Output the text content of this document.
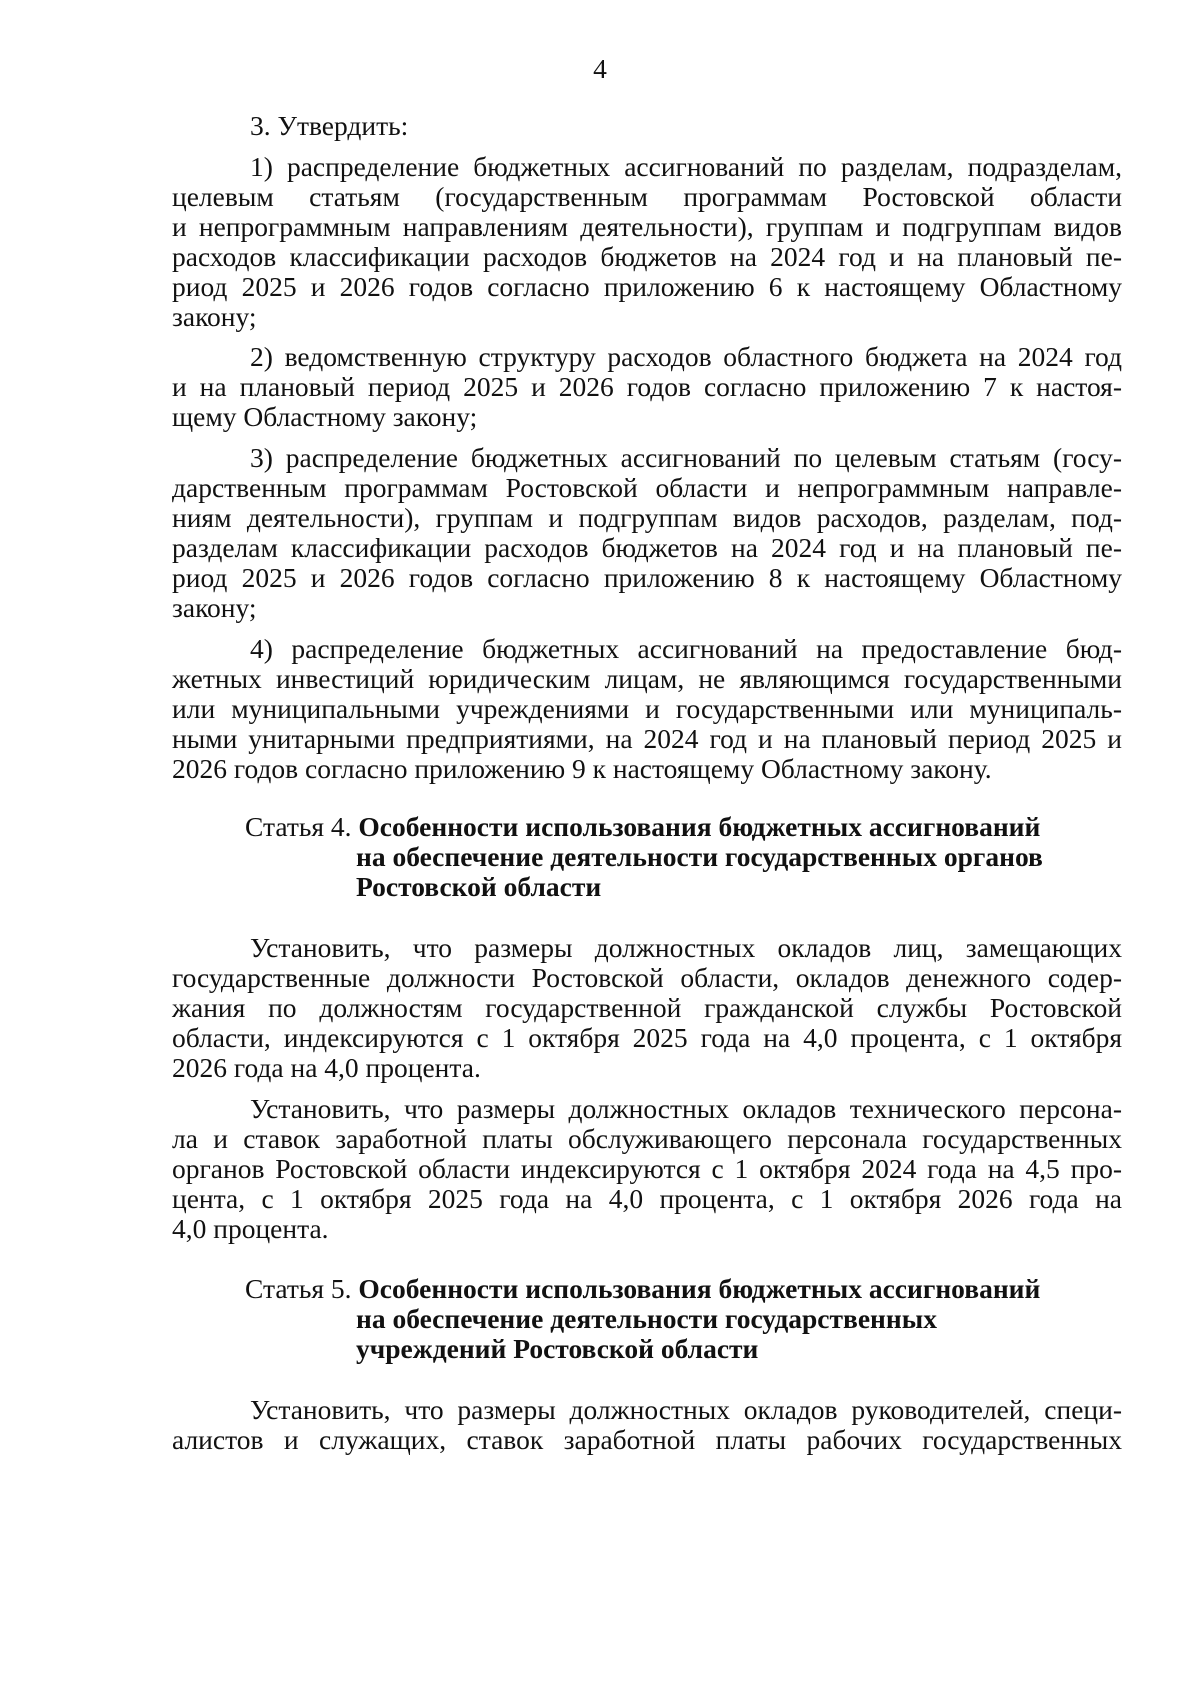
4
3. Утвердить:
1) распределение бюджетных ассигнований по разделам, подразделам,
целевым статьям (государственным программам Ростовской области
и непрограммным направлениям деятельности), группам и подгруппам видов
расходов классификации расходов бюджетов на 2024 год и на плановый пе-
риод 2025 и 2026 годов согласно приложению 6 к настоящему Областному
закону;
2) ведомственную структуру расходов областного бюджета на 2024 год
и на плановый период 2025 и 2026 годов согласно приложению 7 к настоя-
щему Областному закону;
3) распределение бюджетных ассигнований по целевым статьям (госу-
дарственным программам Ростовской области и непрограммным направле-
ниям деятельности), группам и подгруппам видов расходов, разделам, под-
разделам классификации расходов бюджетов на 2024 год и на плановый пе-
риод 2025 и 2026 годов согласно приложению 8 к настоящему Областному
закону;
4) распределение бюджетных ассигнований на предоставление бюд-
жетных инвестиций юридическим лицам, не являющимся государственными
или муниципальными учреждениями и государственными или муниципаль-
ными унитарными предприятиями, на 2024 год и на плановый период 2025 и
2026 годов согласно приложению 9 к настоящему Областному закону.
Статья 4. Особенности использования бюджетных ассигнований
на обеспечение деятельности государственных органов
Ростовской области
Установить, что размеры должностных окладов лиц, замещающих
государственные должности Ростовской области, окладов денежного содер-
жания по должностям государственной гражданской службы Ростовской
области, индексируются с 1 октября 2025 года на 4,0 процента, с 1 октября
2026 года на 4,0 процента.
Установить, что размеры должностных окладов технического персона-
ла и ставок заработной платы обслуживающего персонала государственных
органов Ростовской области индексируются с 1 октября 2024 года на 4,5 про-
цента, с 1 октября 2025 года на 4,0 процента, с 1 октября 2026 года на
4,0 процента.
Статья 5. Особенности использования бюджетных ассигнований
на обеспечение деятельности государственных
учреждений Ростовской области
Установить, что размеры должностных окладов руководителей, специ-
алистов и служащих, ставок заработной платы рабочих государственных
